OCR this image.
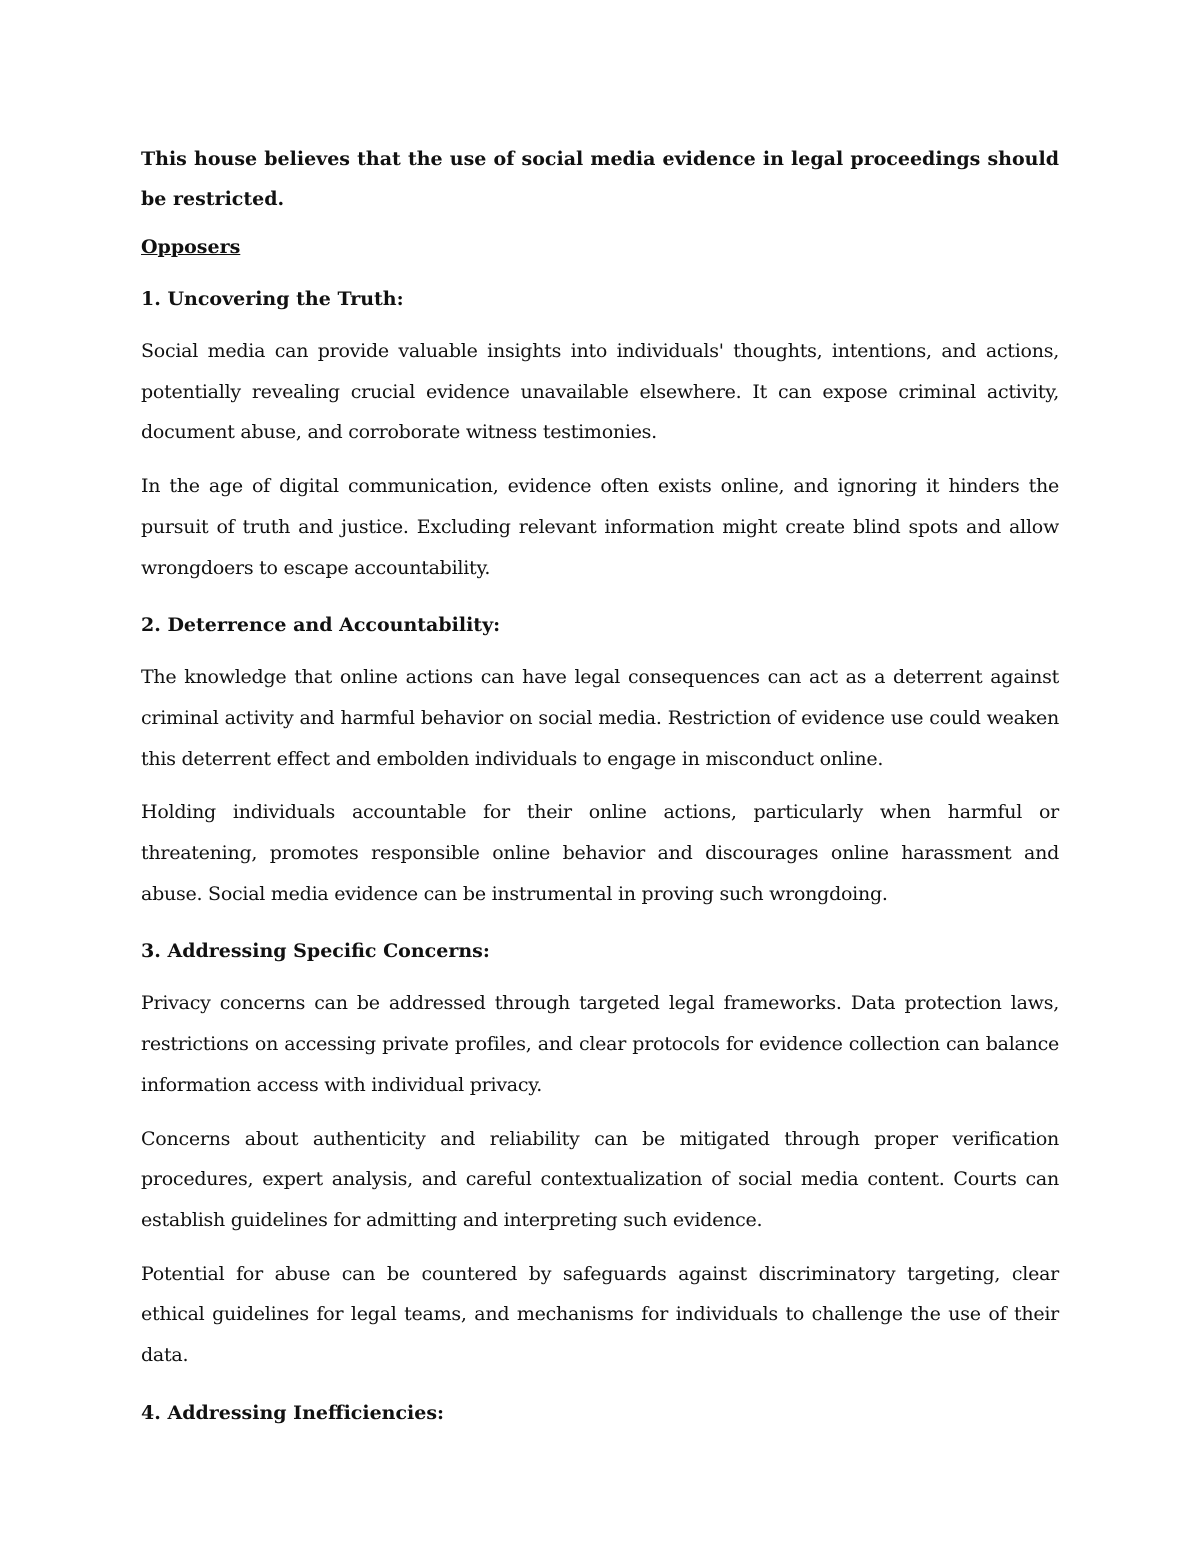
This house believes that the use of social media evidence in legal proceedings should be restricted.

Opposers

1. Uncovering the Truth:

Social media can provide valuable insights into individuals' thoughts, intentions, and actions, potentially revealing crucial evidence unavailable elsewhere. It can expose criminal activity, document abuse, and corroborate witness testimonies.

In the age of digital communication, evidence often exists online, and ignoring it hinders the pursuit of truth and justice. Excluding relevant information might create blind spots and allow wrongdoers to escape accountability.

2. Deterrence and Accountability:

The knowledge that online actions can have legal consequences can act as a deterrent against criminal activity and harmful behavior on social media. Restriction of evidence use could weaken this deterrent effect and embolden individuals to engage in misconduct online.

Holding individuals accountable for their online actions, particularly when harmful or threatening, promotes responsible online behavior and discourages online harassment and abuse. Social media evidence can be instrumental in proving such wrongdoing.

3. Addressing Specific Concerns:

Privacy concerns can be addressed through targeted legal frameworks. Data protection laws, restrictions on accessing private profiles, and clear protocols for evidence collection can balance information access with individual privacy.

Concerns about authenticity and reliability can be mitigated through proper verification procedures, expert analysis, and careful contextualization of social media content. Courts can establish guidelines for admitting and interpreting such evidence.

Potential for abuse can be countered by safeguards against discriminatory targeting, clear ethical guidelines for legal teams, and mechanisms for individuals to challenge the use of their data.

4. Addressing Inefficiencies:
